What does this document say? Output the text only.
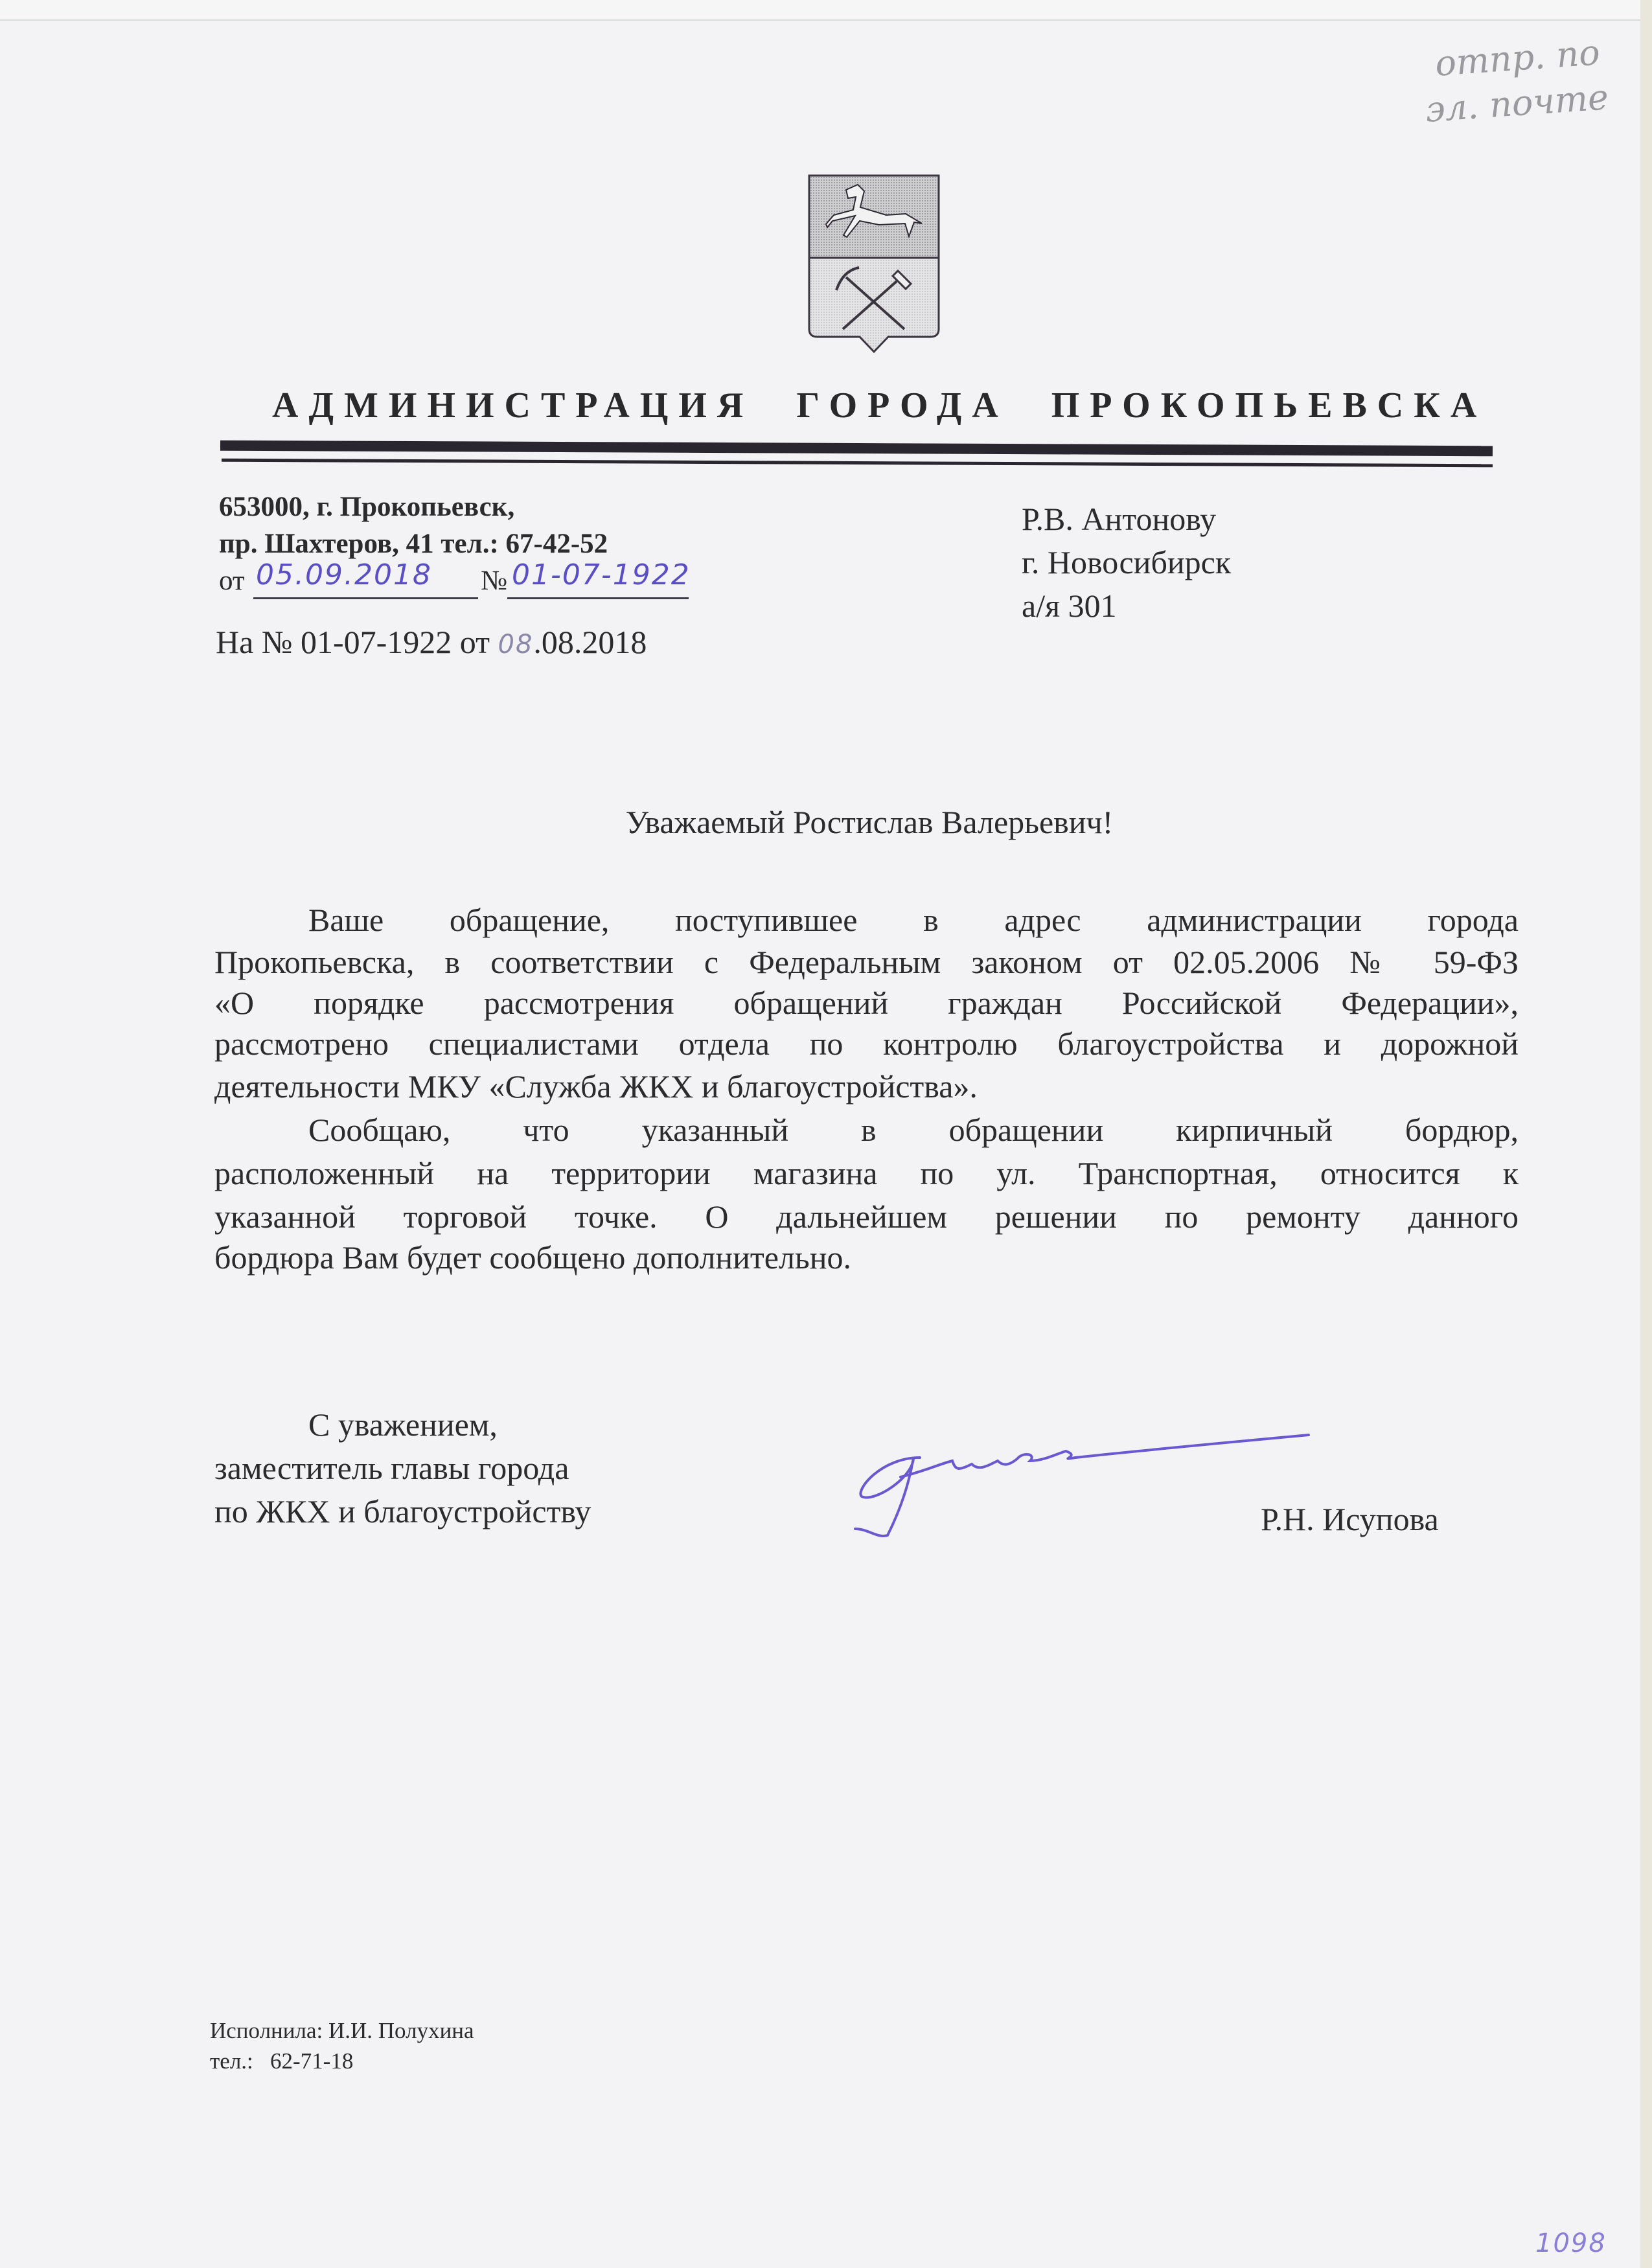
отпр. по
эл. почте
АДМИНИСТРАЦИЯ ГОРОДА ПРОКОПЬЕВСКА
653000, г. Прокопьевск,
пр. Шахтеров, 41 тел.: 67-42-52
от 05.09.2018 № 01-07-1922
На № 01-07-1922 от 08.08.2018
Р.В. Антонову
г. Новосибирск
а/я 301
Уважаемый Ростислав Валерьевич!
Ваше обращение, поступившее в адрес администрации города
Прокопьевска, в соответствии с Федеральным законом от 02.05.2006 № 59-ФЗ
«О порядке рассмотрения обращений граждан Российской Федерации»,
рассмотрено специалистами отдела по контролю благоустройства и дорожной
деятельности МКУ «Служба ЖКХ и благоустройства».
Сообщаю, что указанный в обращении кирпичный бордюр,
расположенный на территории магазина по ул. Транспортная, относится к
указанной торговой точке. О дальнейшем решении по ремонту данного
бордюра Вам будет сообщено дополнительно.
С уважением,
заместитель главы города
по ЖКХ и благоустройству	Р.Н. Исупова
Исполнила: И.И. Полухина
тел.:   62-71-18
1098
